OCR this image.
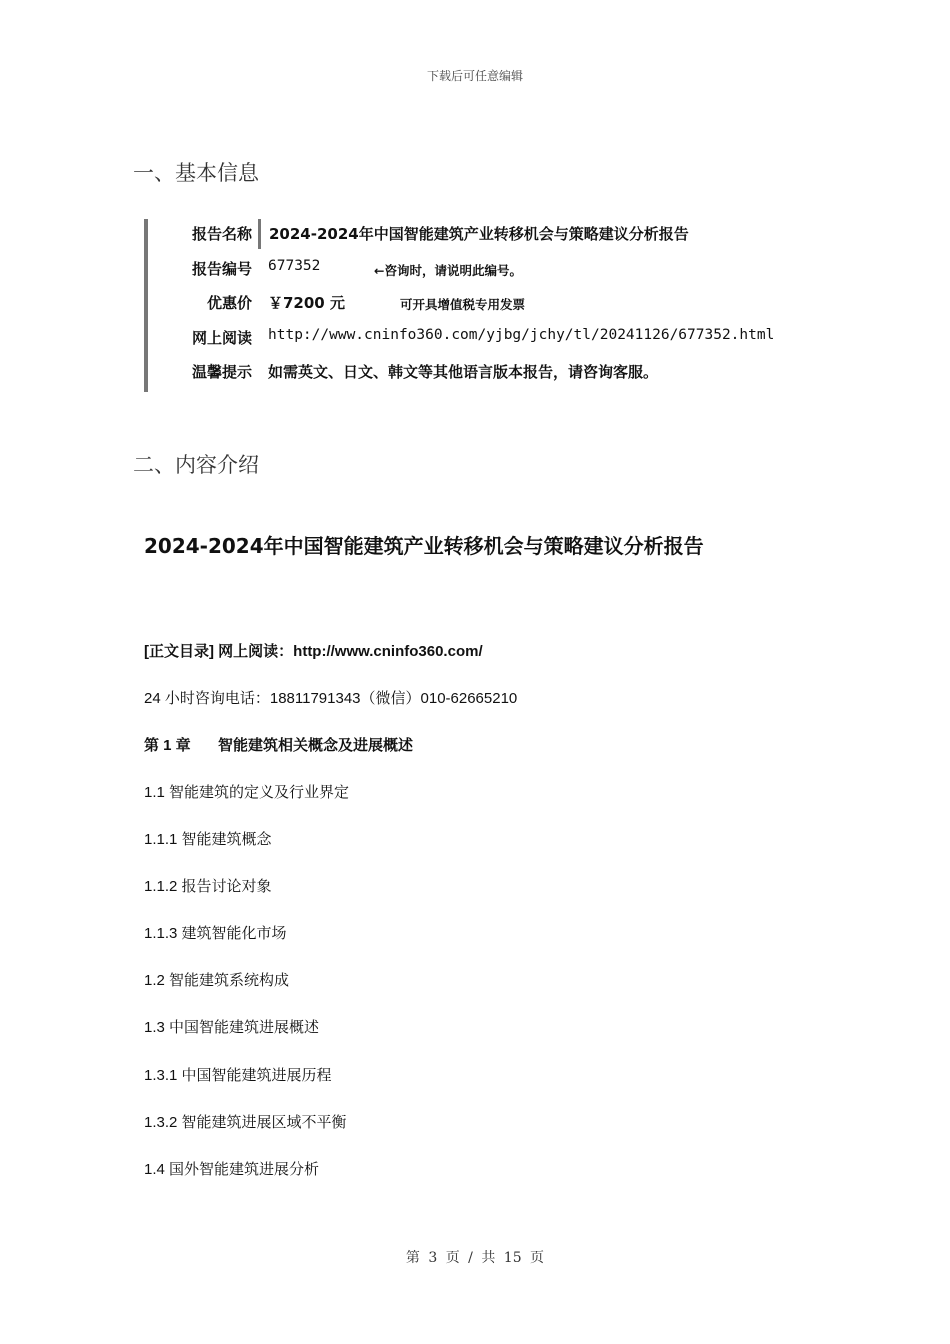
下载后可任意编辑
一、基本信息
报告名称	2024-2024年中国智能建筑产业转移机会与策略建议分析报告
报告编号 677352	←咨询时，请说明此编号。
优惠价 ￥7200 元	可开具增值税专用发票
网上阅读 http://www.cninfo360.com/yjbg/jchy/tl/20241126/677352.html
温馨提示 如需英文、日文、韩文等其他语言版本报告，请咨询客服。
二、内容介绍
2024-2024年中国智能建筑产业转移机会与策略建议分析报告
[正文目录] 网上阅读：http://www.cninfo360.com/
24 小时咨询电话：18811791343（微信）010-62665210
第 1 章 智能建筑相关概念及进展概述
1.1 智能建筑的定义及行业界定
1.1.1 智能建筑概念
1.1.2 报告讨论对象
1.1.3 建筑智能化市场
1.2 智能建筑系统构成
1.3 中国智能建筑进展概述
1.3.1 中国智能建筑进展历程
1.3.2 智能建筑进展区域不平衡
1.4 国外智能建筑进展分析
第 3 页 / 共 15 页
